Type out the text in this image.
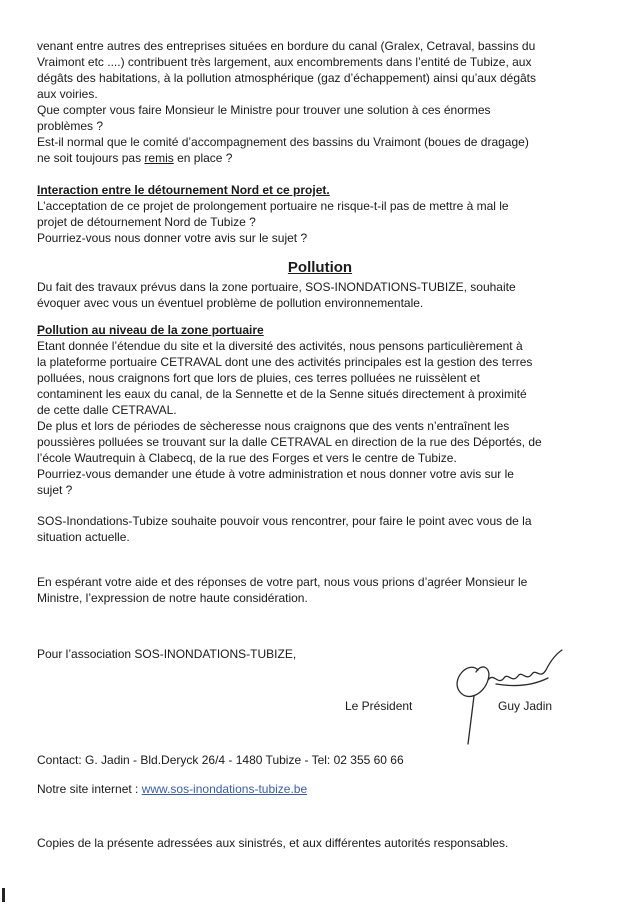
venant entre autres des entreprises situées en bordure du canal (Gralex, Cetraval, bassins du

Vraimont etc ....) contribuent très largement, aux encombrements dans l’entité de Tubize, aux

dégâts des habitations, à la pollution atmosphérique (gaz d’échappement) ainsi qu’aux dégâts

aux voiries.

Que compter vous faire Monsieur le Ministre pour trouver une solution à ces énormes

problèmes ?

Est-il normal que le comité d’accompagnement des bassins du Vraimont (boues de dragage)

ne soit toujours pas remis en place ?

Interaction entre le détournement Nord et ce projet.

L’acceptation de ce projet de prolongement portuaire ne risque-t-il pas de mettre à mal le

projet de détournement Nord de Tubize ?

Pourriez-vous nous donner votre avis sur le sujet ?

Pollution

Du fait des travaux prévus dans la zone portuaire, SOS-INONDATIONS-TUBIZE, souhaite

évoquer avec vous un éventuel problème de pollution environnementale.

Pollution au niveau de la zone portuaire

Etant donnée l’étendue du site et la diversité des activités, nous pensons particulièrement à

la plateforme portuaire CETRAVAL dont une des activités principales est la gestion des terres

polluées, nous craignons fort que lors de pluies, ces terres polluées ne ruissèlent et

contaminent les eaux du canal, de la Sennette et de la Senne situés directement à proximité

de cette dalle CETRAVAL.

De plus et lors de périodes de sècheresse nous craignons que des vents n’entraînent les

poussières polluées se trouvant sur la dalle CETRAVAL en direction de la rue des Déportés, de

l’école Wautrequin à Clabecq, de la rue des Forges et vers le centre de Tubize.

Pourriez-vous demander une étude à votre administration et nous donner votre avis sur le

sujet ?

SOS-Inondations-Tubize souhaite pouvoir vous rencontrer, pour faire le point avec vous de la

situation actuelle.

En espérant votre aide et des réponses de votre part, nous vous prions d’agréer Monsieur le

Ministre, l’expression de notre haute considération.

Pour l’association SOS-INONDATIONS-TUBIZE,
Le Président	Guy Jadin
Contact: G. Jadin - Bld.Deryck 26/4 - 1480 Tubize - Tel: 02 355 60 66
Notre site internet : www.sos-inondations-tubize.be
Copies de la présente adressées aux sinistrés, et aux différentes autorités responsables.
